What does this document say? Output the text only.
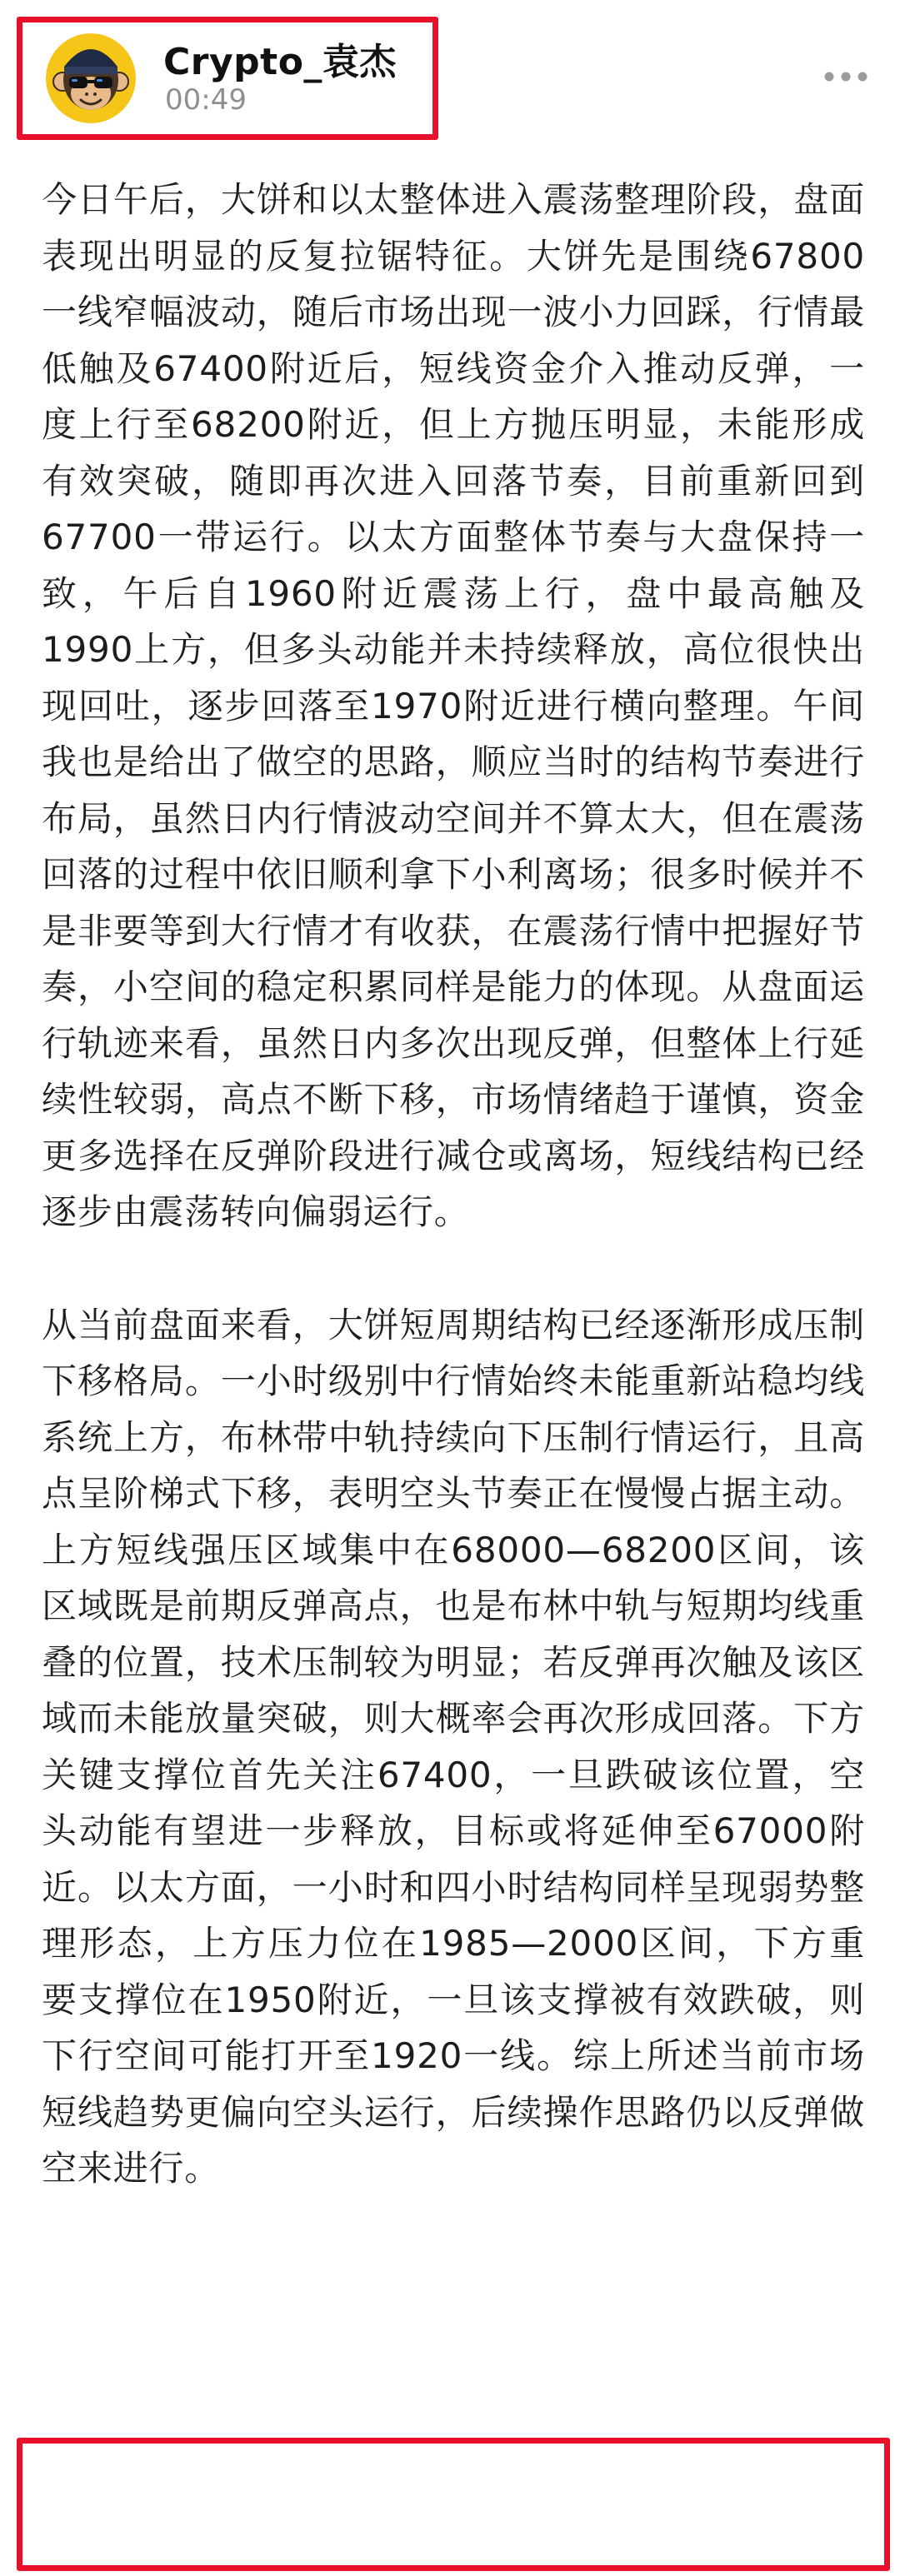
Crypto_袁杰
00:49

今日午后，大饼和以太整体进入震荡整理阶段，盘面表现出明显的反复拉锯特征。大饼先是围绕67800一线窄幅波动，随后市场出现一波小力回踩，行情最低触及67400附近后，短线资金介入推动反弹，一度上行至68200附近，但上方抛压明显，未能形成有效突破，随即再次进入回落节奏，目前重新回到67700一带运行。以太方面整体节奏与大盘保持一致，午后自1960附近震荡上行，盘中最高触及1990上方，但多头动能并未持续释放，高位很快出现回吐，逐步回落至1970附近进行横向整理。午间我也是给出了做空的思路，顺应当时的结构节奏进行布局，虽然日内行情波动空间并不算太大，但在震荡回落的过程中依旧顺利拿下小利离场；很多时候并不是非要等到大行情才有收获，在震荡行情中把握好节奏，小空间的稳定积累同样是能力的体现。从盘面运行轨迹来看，虽然日内多次出现反弹，但整体上行延续性较弱，高点不断下移，市场情绪趋于谨慎，资金更多选择在反弹阶段进行减仓或离场，短线结构已经逐步由震荡转向偏弱运行。

从当前盘面来看，大饼短周期结构已经逐渐形成压制下移格局。一小时级别中行情始终未能重新站稳均线系统上方，布林带中轨持续向下压制行情运行，且高点呈阶梯式下移，表明空头节奏正在慢慢占据主动。上方短线强压区域集中在68000—68200区间，该区域既是前期反弹高点，也是布林中轨与短期均线重叠的位置，技术压制较为明显；若反弹再次触及该区域而未能放量突破，则大概率会再次形成回落。下方关键支撑位首先关注67400，一旦跌破该位置，空头动能有望进一步释放，目标或将延伸至67000附近。以太方面，一小时和四小时结构同样呈现弱势整理形态，上方压力位在1985—2000区间，下方重要支撑位在1950附近，一旦该支撑被有效跌破，则下行空间可能打开至1920一线。综上所述当前市场短线趋势更偏向空头运行，后续操作思路仍以反弹做空来进行。
